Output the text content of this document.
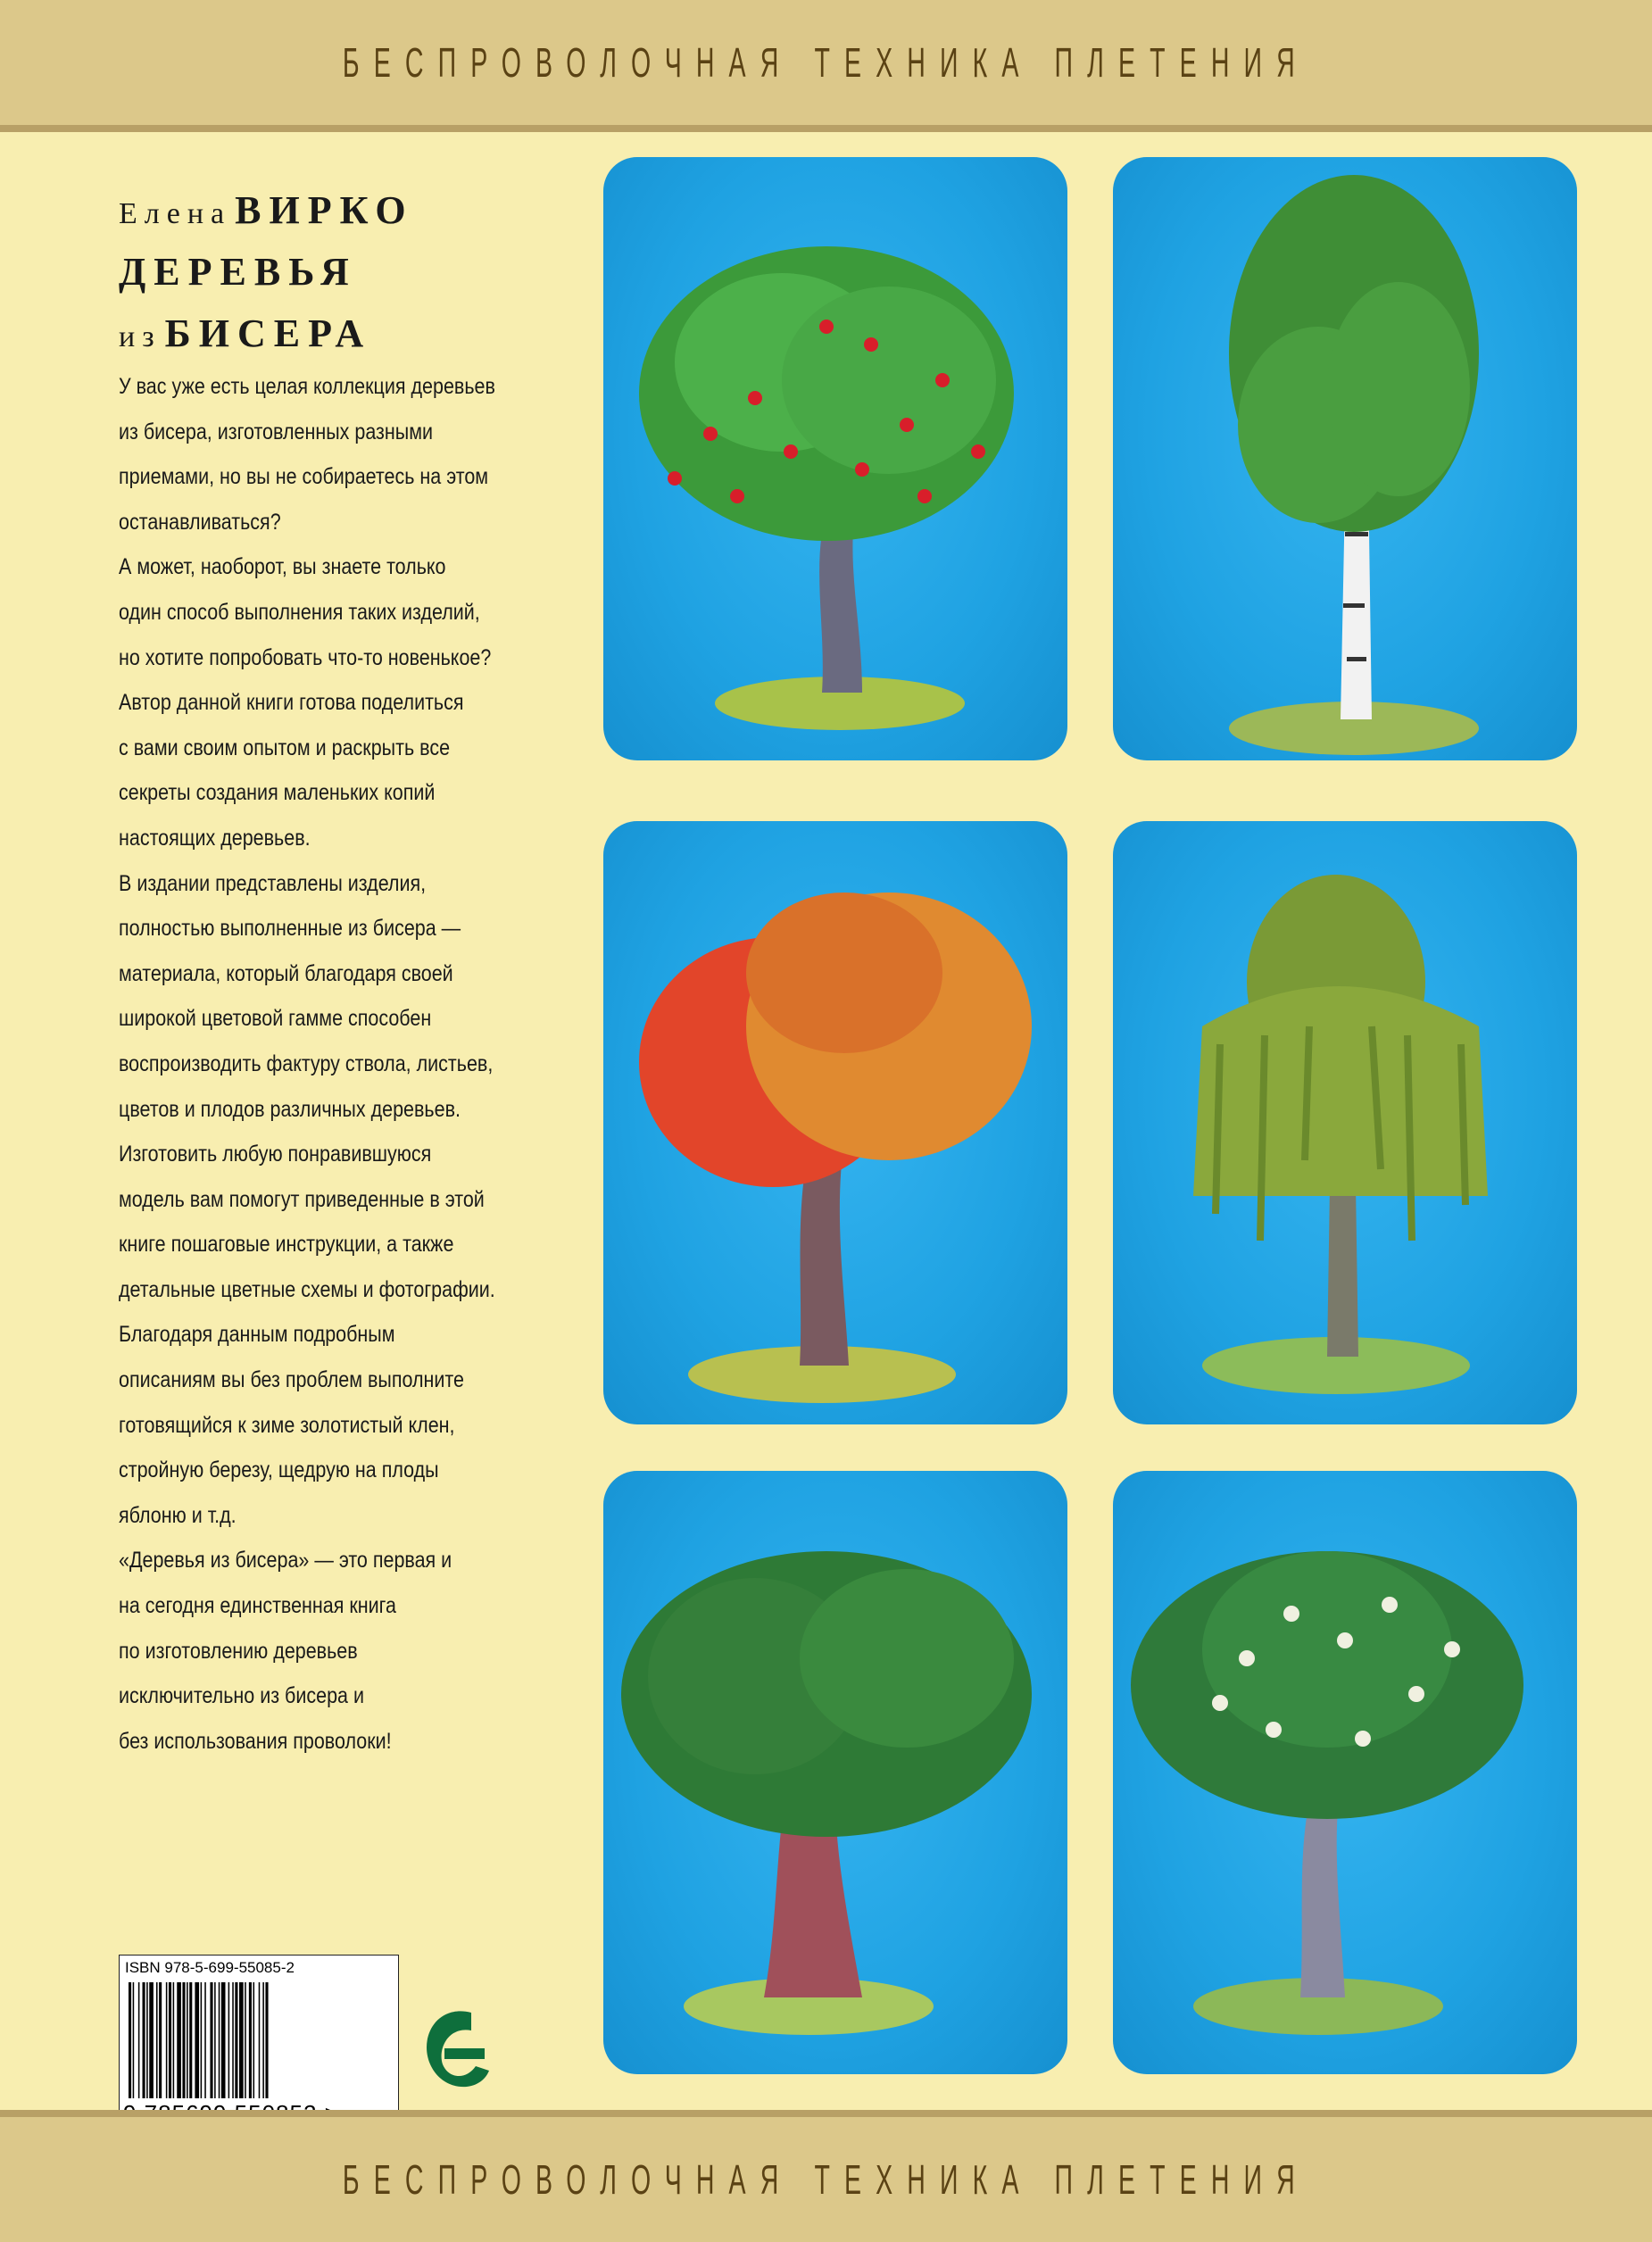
БЕСПРОВОЛОЧНАЯ ТЕХНИКА ПЛЕТЕНИЯ
Елена ВИРКО
ДЕРЕВЬЯ
из БИСЕРА

У вас уже есть целая коллекция деревьев

из бисера, изготовленных разными

приемами, но вы не собираетесь на этом

останавливаться?

А может, наоборот, вы знаете только

один способ выполнения таких изделий,

но хотите попробовать что-то новенькое?

Автор данной книги готова поделиться

с вами своим опытом и раскрыть все

секреты создания маленьких копий

настоящих деревьев.

В издании представлены изделия,

полностью выполненные из бисера —

материала, который благодаря своей

широкой цветовой гамме способен

воспроизводить фактуру ствола, листьев,

цветов и плодов различных деревьев.

Изготовить любую понравившуюся

модель вам помогут приведенные в этой

книге пошаговые инструкции, а также

детальные цветные схемы и фотографии.

Благодаря данным подробным

описаниям вы без проблем выполните

готовящийся к зиме золотистый клен,

стройную березу, щедрую на плоды

яблоню и т.д.

«Деревья из бисера» — это первая и

на сегодня единственная книга

по изготовлению деревьев

исключительно из бисера и

без использования проволоки!

ISBN 978-5-699-55085-2
БЕСПРОВОЛОЧНАЯ ТЕХНИКА ПЛЕТЕНИЯ
